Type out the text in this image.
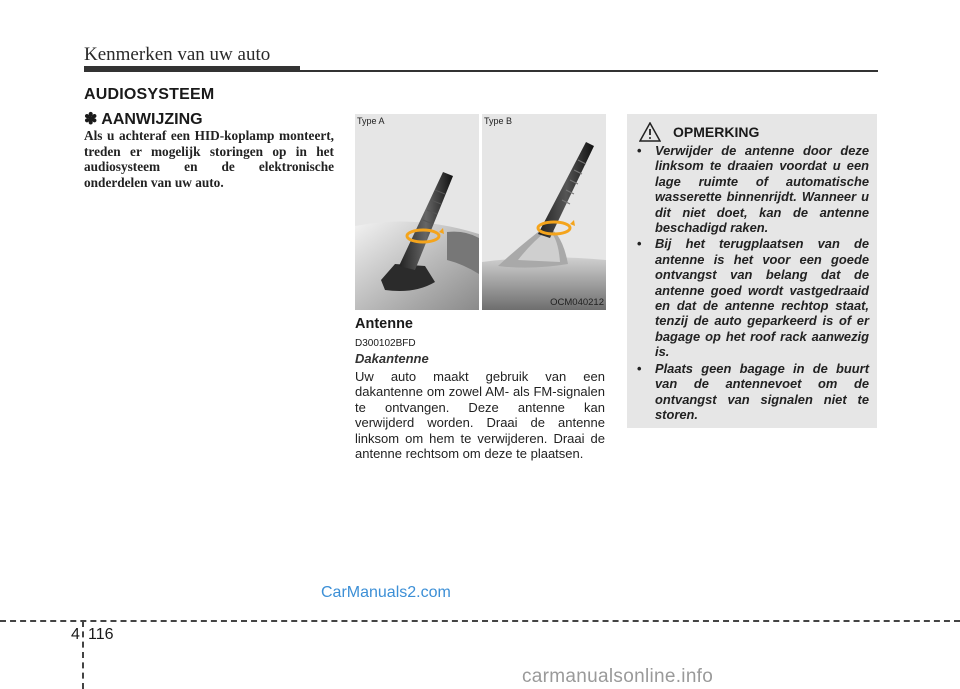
Kenmerken van uw auto
AUDIOSYSTEEM
✽ AANWIJZING
Als u achteraf een HID-koplamp monteert, treden er mogelijk storingen op in het audiosysteem en de elektronische onderdelen van uw auto.
Type A	Type B
OCM040212
Antenne
D300102BFD
Dakantenne
Uw auto maakt gebruik van een dakantenne om zowel AM- als FM-signalen te ontvangen. Deze antenne kan verwijderd worden. Draai de antenne linksom om hem te verwijderen. Draai de antenne rechtsom om deze te plaatsen.
OPMERKING
• Verwijder de antenne door deze linksom te draaien voordat u een lage ruimte of automatische wasserette binnenrijdt. Wanneer u dit niet doet, kan de antenne beschadigd raken.
• Bij het terugplaatsen van de antenne is het voor een goede ontvangst van belang dat de antenne goed wordt vastgedraaid en dat de antenne rechtop staat, tenzij de auto geparkeerd is of er bagage op het roof rack aanwezig is.
• Plaats geen bagage in de buurt van de antennevoet om de ontvangst van signalen niet te storen.
CarManuals2.com
4 116
carmanualsonline.info
